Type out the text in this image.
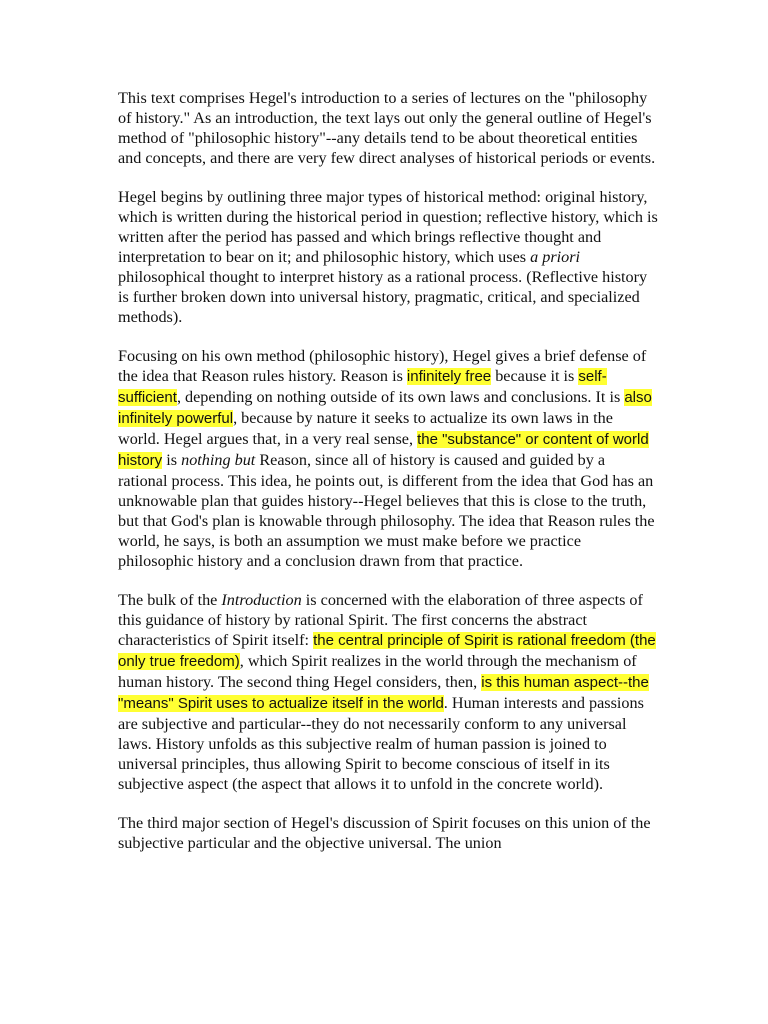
This text comprises Hegel's introduction to a series of lectures on the "philosophy of history." As an introduction, the text lays out only the general outline of Hegel's method of "philosophic history"--any details tend to be about theoretical entities and concepts, and there are very few direct analyses of historical periods or events.

Hegel begins by outlining three major types of historical method: original history, which is written during the historical period in question; reflective history, which is written after the period has passed and which brings reflective thought and interpretation to bear on it; and philosophic history, which uses a priori philosophical thought to interpret history as a rational process. (Reflective history is further broken down into universal history, pragmatic, critical, and specialized methods).

Focusing on his own method (philosophic history), Hegel gives a brief defense of the idea that Reason rules history. Reason is infinitely free because it is self-sufficient, depending on nothing outside of its own laws and conclusions. It is also infinitely powerful, because by nature it seeks to actualize its own laws in the world. Hegel argues that, in a very real sense, the "substance" or content of world history is nothing but Reason, since all of history is caused and guided by a rational process. This idea, he points out, is different from the idea that God has an unknowable plan that guides history--Hegel believes that this is close to the truth, but that God's plan is knowable through philosophy. The idea that Reason rules the world, he says, is both an assumption we must make before we practice philosophic history and a conclusion drawn from that practice.

The bulk of the Introduction is concerned with the elaboration of three aspects of this guidance of history by rational Spirit. The first concerns the abstract characteristics of Spirit itself: the central principle of Spirit is rational freedom (the only true freedom), which Spirit realizes in the world through the mechanism of human history. The second thing Hegel considers, then, is this human aspect--the "means" Spirit uses to actualize itself in the world. Human interests and passions are subjective and particular--they do not necessarily conform to any universal laws. History unfolds as this subjective realm of human passion is joined to universal principles, thus allowing Spirit to become conscious of itself in its subjective aspect (the aspect that allows it to unfold in the concrete world).

The third major section of Hegel's discussion of Spirit focuses on this union of the subjective particular and the objective universal. The union
